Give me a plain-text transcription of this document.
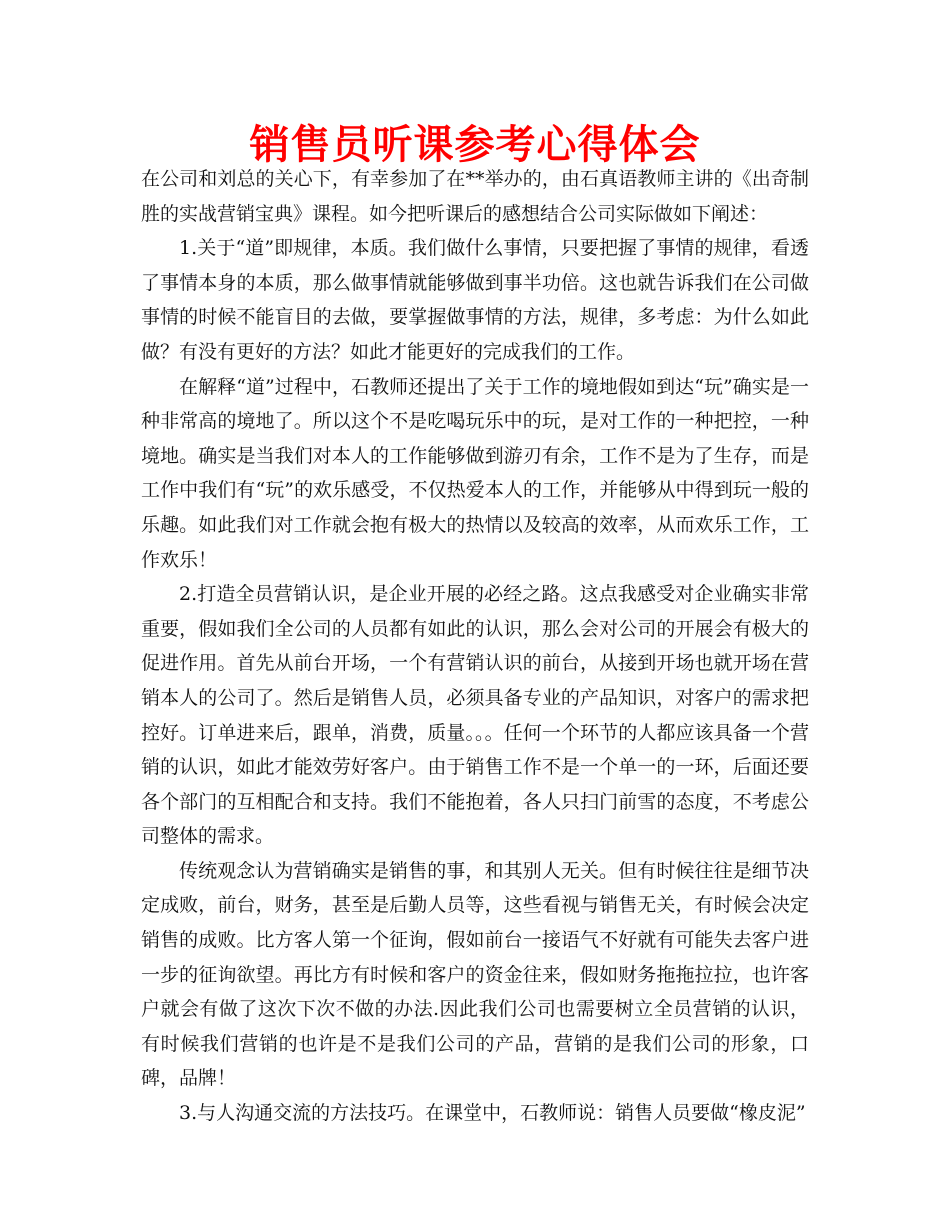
销售员听课参考心得体会

在公司和刘总的关心下，有幸参加了在**举办的，由石真语教师主讲的《出奇制胜的实战营销宝典》课程。如今把听课后的感想结合公司实际做如下阐述：

1.关于“道”即规律，本质。我们做什么事情，只要把握了事情的规律，看透了事情本身的本质，那么做事情就能够做到事半功倍。这也就告诉我们在公司做事情的时候不能盲目的去做，要掌握做事情的方法，规律，多考虑：为什么如此做？有没有更好的方法？如此才能更好的完成我们的工作。

在解释“道”过程中，石教师还提出了关于工作的境地假如到达“玩”确实是一种非常高的境地了。所以这个不是吃喝玩乐中的玩，是对工作的一种把控，一种境地。确实是当我们对本人的工作能够做到游刃有余，工作不是为了生存，而是工作中我们有“玩”的欢乐感受，不仅热爱本人的工作，并能够从中得到玩一般的乐趣。如此我们对工作就会抱有极大的热情以及较高的效率，从而欢乐工作，工作欢乐！

2.打造全员营销认识，是企业开展的必经之路。这点我感受对企业确实非常重要，假如我们全公司的人员都有如此的认识，那么会对公司的开展会有极大的促进作用。首先从前台开场，一个有营销认识的前台，从接到开场也就开场在营销本人的公司了。然后是销售人员，必须具备专业的产品知识，对客户的需求把控好。订单进来后，跟单，消费，质量。。。任何一个环节的人都应该具备一个营销的认识，如此才能效劳好客户。由于销售工作不是一个单一的一环，后面还要各个部门的互相配合和支持。我们不能抱着，各人只扫门前雪的态度，不考虑公司整体的需求。

传统观念认为营销确实是销售的事，和其别人无关。但有时候往往是细节决定成败，前台，财务，甚至是后勤人员等，这些看视与销售无关，有时候会决定销售的成败。比方客人第一个征询，假如前台一接语气不好就有可能失去客户进一步的征询欲望。再比方有时候和客户的资金往来，假如财务拖拖拉拉，也许客户就会有做了这次下次不做的办法.因此我们公司也需要树立全员营销的认识，有时候我们营销的也许是不是我们公司的产品，营销的是我们公司的形象，口碑，品牌！

3.与人沟通交流的方法技巧。在课堂中，石教师说：销售人员要做“橡皮泥”
